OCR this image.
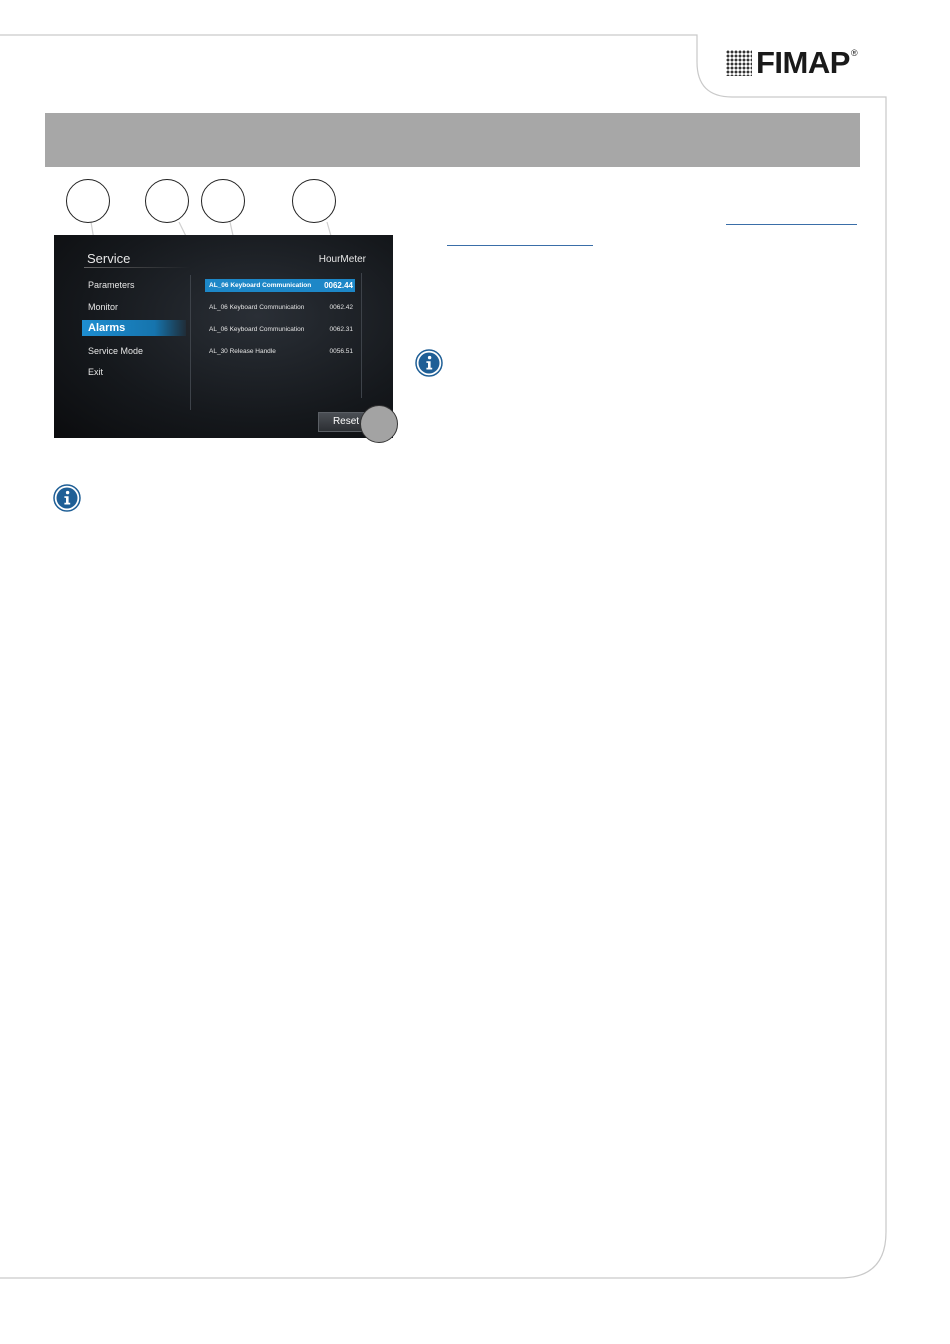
FIMAP ®
Service	HourMeter
Parameters
Monitor
Alarms
Service Mode
Exit
AL_06 Keyboard Communication 0062.44
AL_06 Keyboard Communication	0062.42
AL_06 Keyboard Communication	0062.31
AL_30 Release Handle	0056.51
Reset
